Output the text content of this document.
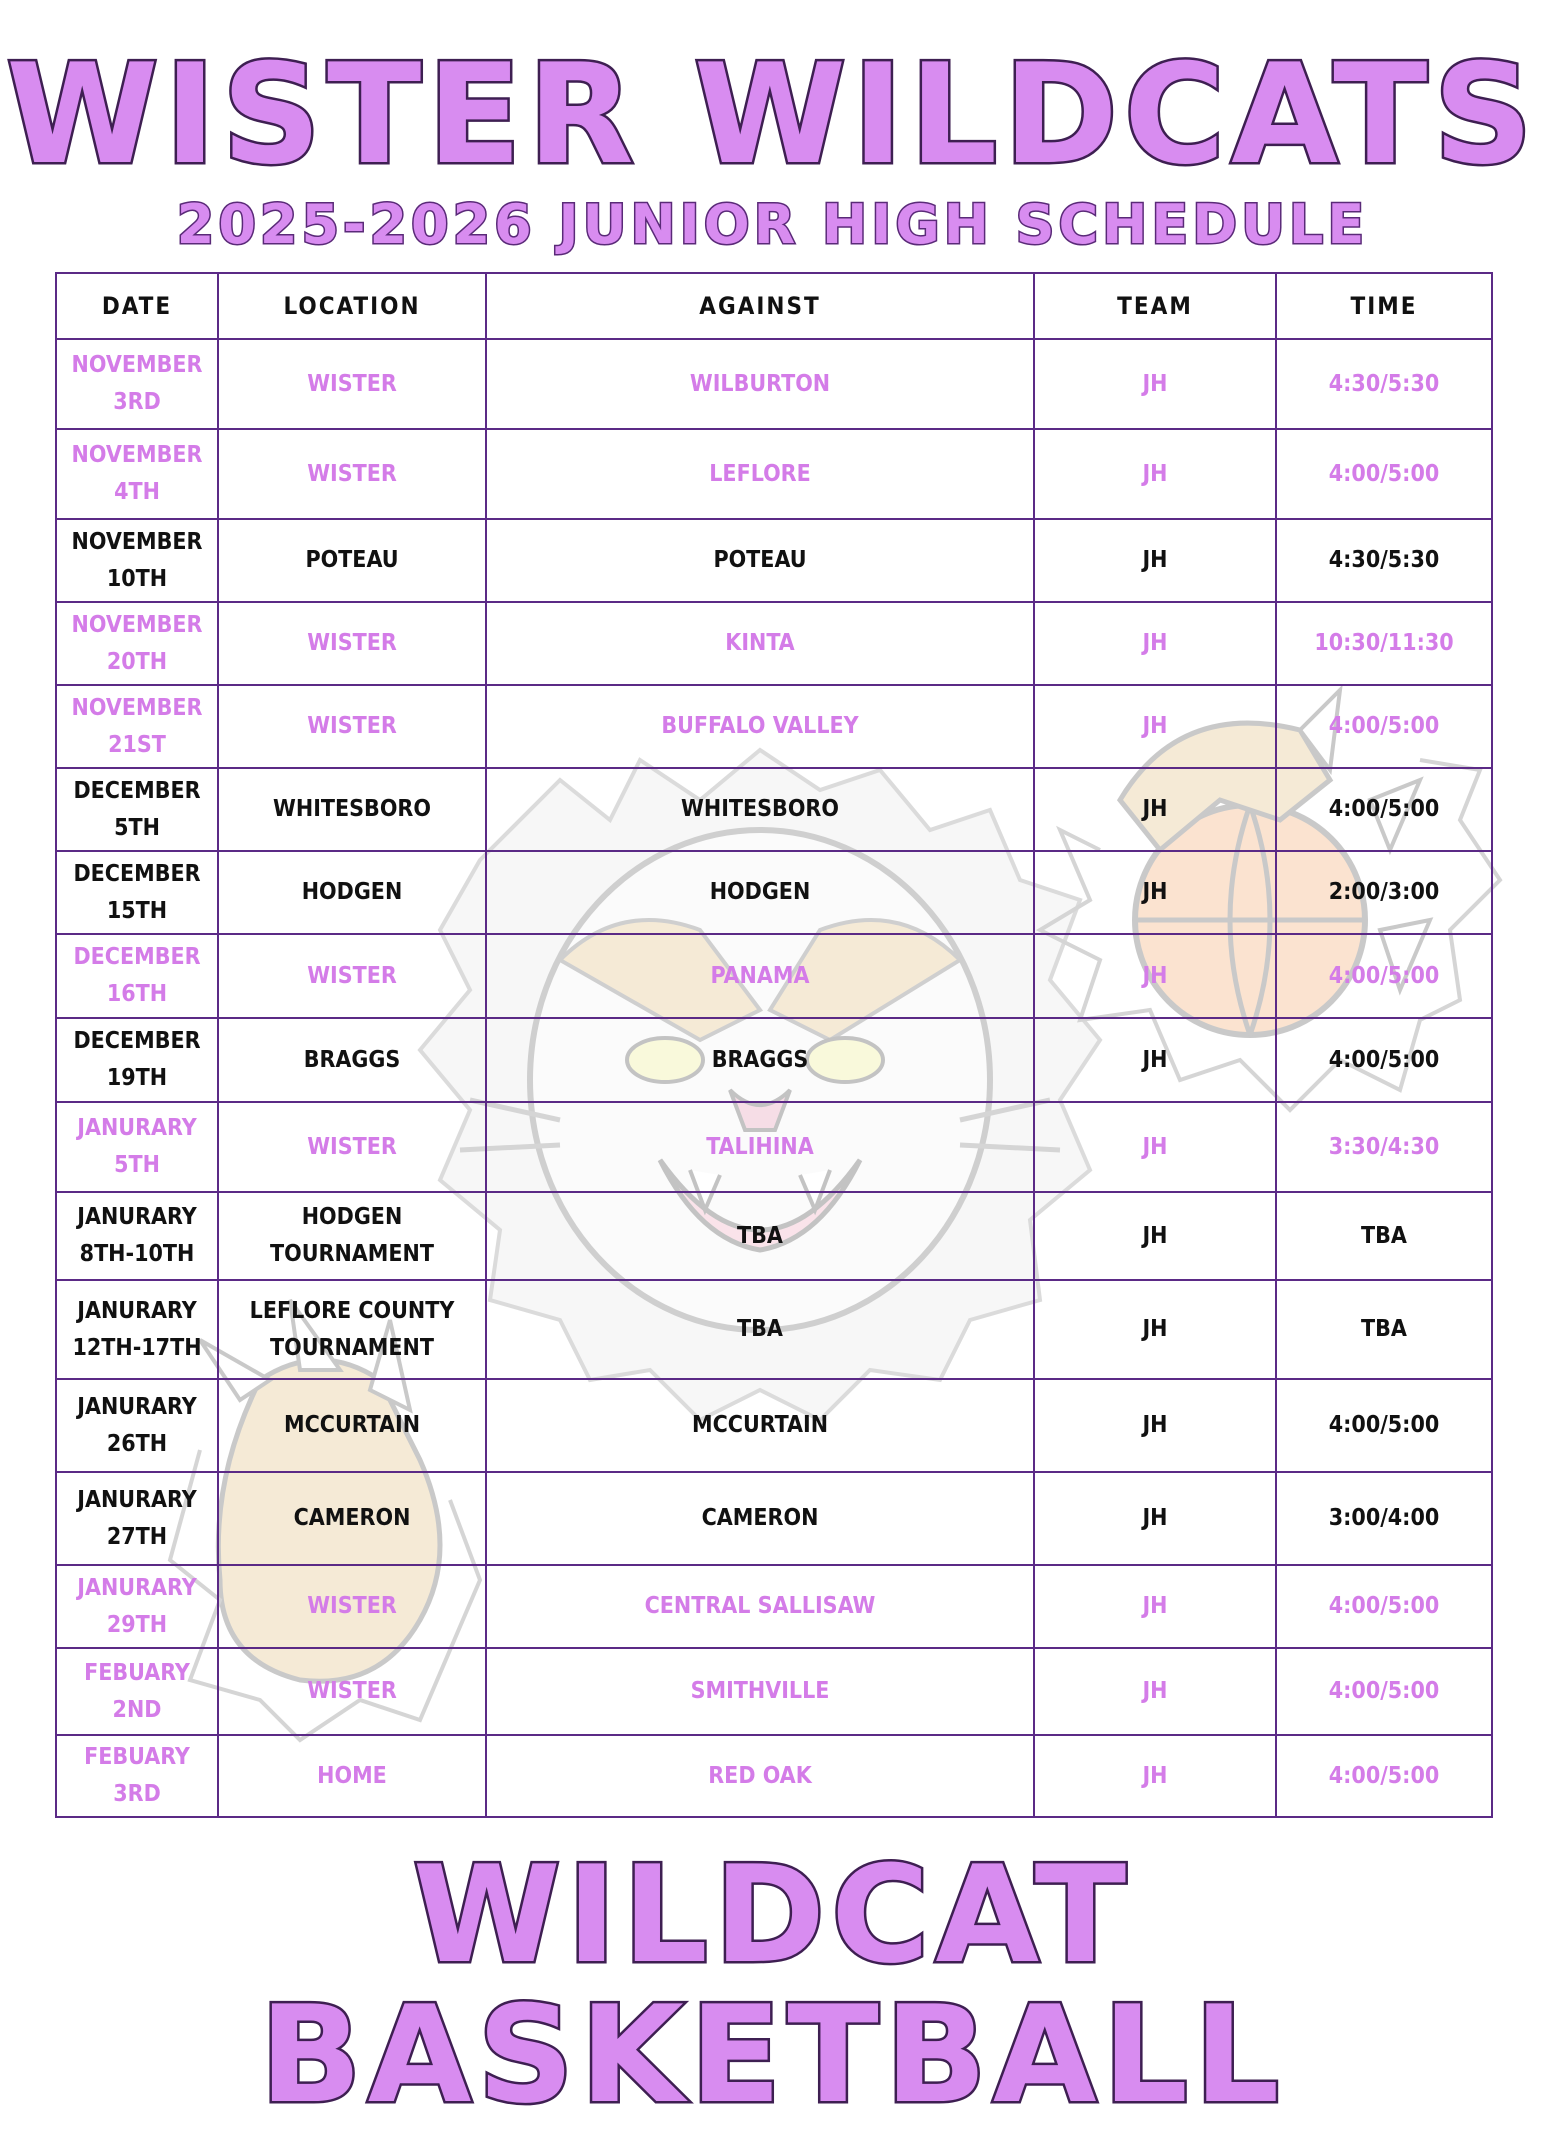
WISTER WILDCATS
2025-2026 JUNIOR HIGH SCHEDULE
DATE	LOCATION	AGAINST	TEAM	TIME
NOVEMBER 3RD	WISTER	WILBURTON	JH	4:30/5:30
NOVEMBER 4TH	WISTER	LEFLORE	JH	4:00/5:00
NOVEMBER 10TH	POTEAU	POTEAU	JH	4:30/5:30
NOVEMBER 20TH	WISTER	KINTA	JH	10:30/11:30
NOVEMBER 21ST	WISTER	BUFFALO VALLEY	JH	4:00/5:00
DECEMBER 5TH	WHITESBORO	WHITESBORO	JH	4:00/5:00
DECEMBER 15TH	HODGEN	HODGEN	JH	2:00/3:00
DECEMBER 16TH	WISTER	PANAMA	JH	4:00/5:00
DECEMBER 19TH	BRAGGS	BRAGGS	JH	4:00/5:00
JANURARY 5TH	WISTER	TALIHINA	JH	3:30/4:30
JANURARY 8TH-10TH	HODGEN TOURNAMENT	TBA	JH	TBA
JANURARY 12TH-17TH	LEFLORE COUNTY TOURNAMENT	TBA	JH	TBA
JANURARY 26TH	MCCURTAIN	MCCURTAIN	JH	4:00/5:00
JANURARY 27TH	CAMERON	CAMERON	JH	3:00/4:00
JANURARY 29TH	WISTER	CENTRAL SALLISAW	JH	4:00/5:00
FEBUARY 2ND	WISTER	SMITHVILLE	JH	4:00/5:00
FEBUARY 3RD	HOME	RED OAK	JH	4:00/5:00
WILDCAT BASKETBALL
